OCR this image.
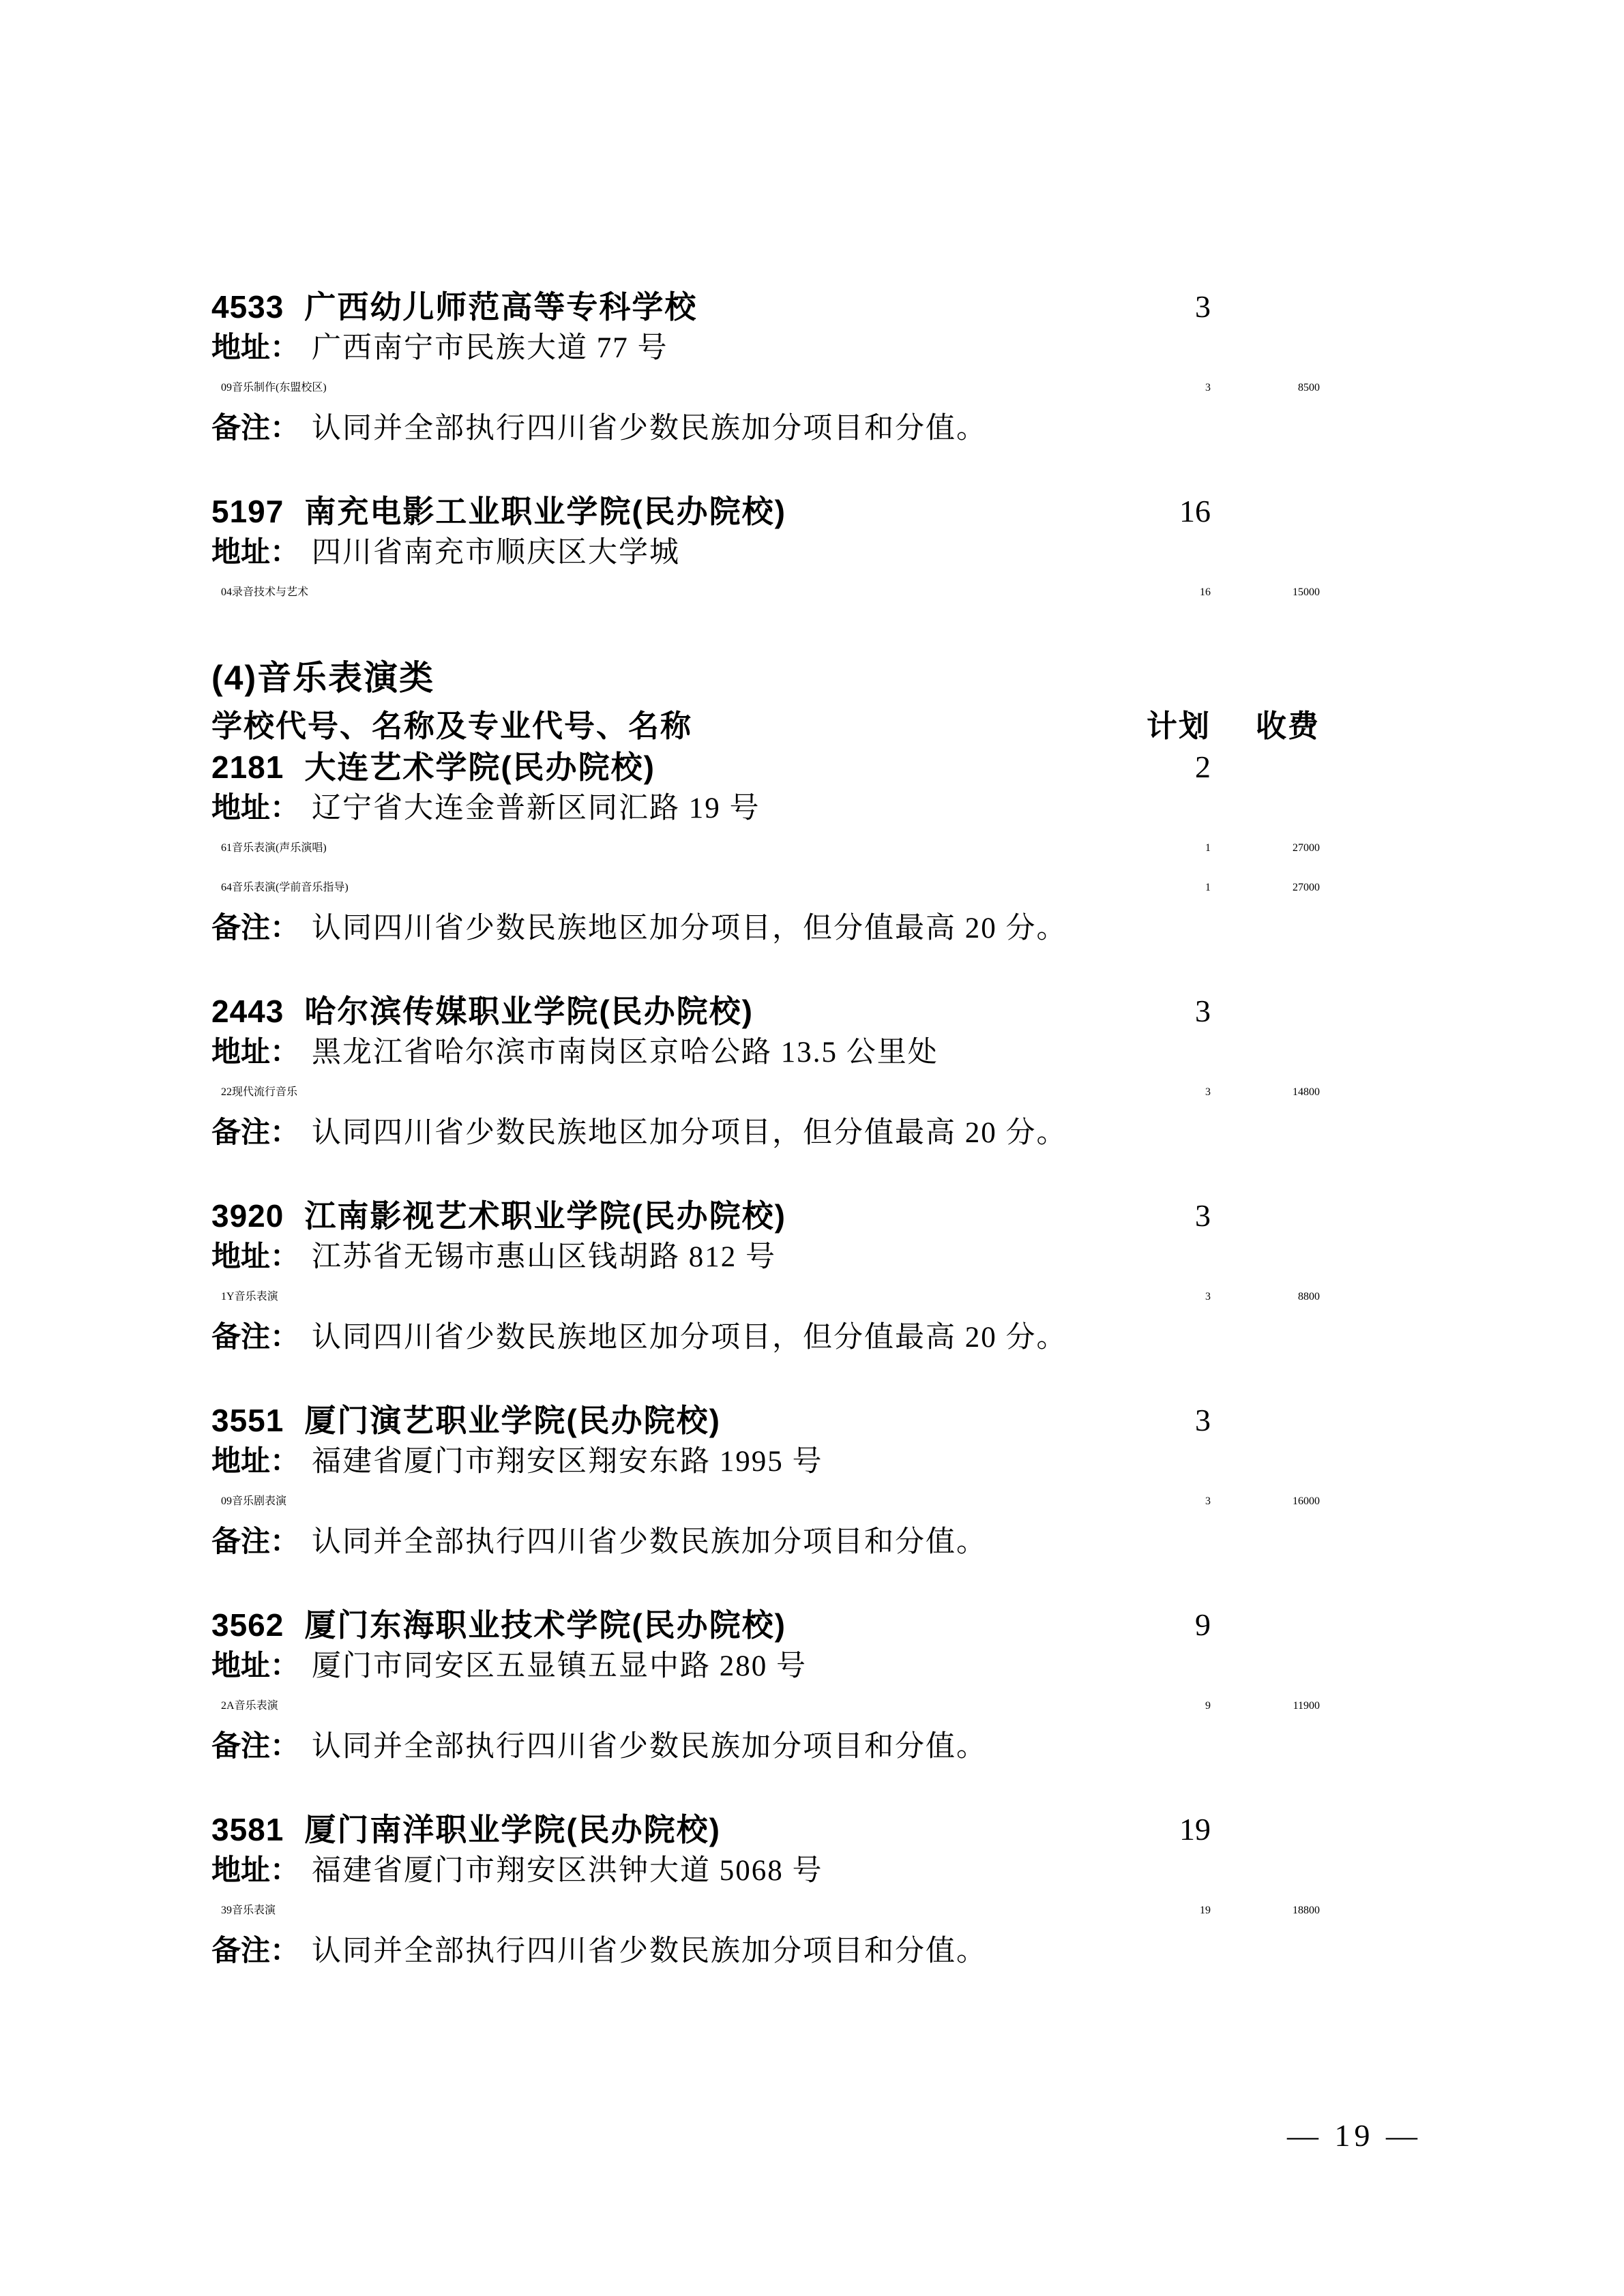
4533 广西幼儿师范高等专科学校	3
地址： 广西南宁市民族大道 77 号
09音乐制作(东盟校区)	3	8500
备注： 认同并全部执行四川省少数民族加分项目和分值。
5197 南充电影工业职业学院(民办院校)	16
地址： 四川省南充市顺庆区大学城
04录音技术与艺术	16	15000
(4)音乐表演类
学校代号、名称及专业代号、名称	计划	收费
2181 大连艺术学院(民办院校)	2
地址： 辽宁省大连金普新区同汇路 19 号
61音乐表演(声乐演唱)	1	27000
64音乐表演(学前音乐指导)	1	27000
备注： 认同四川省少数民族地区加分项目，但分值最高 20 分。
2443 哈尔滨传媒职业学院(民办院校)	3
地址： 黑龙江省哈尔滨市南岗区京哈公路 13.5 公里处
22现代流行音乐	3	14800
备注： 认同四川省少数民族地区加分项目，但分值最高 20 分。
3920 江南影视艺术职业学院(民办院校)	3
地址： 江苏省无锡市惠山区钱胡路 812 号
1Y音乐表演	3	8800
备注： 认同四川省少数民族地区加分项目，但分值最高 20 分。
3551 厦门演艺职业学院(民办院校)	3
地址： 福建省厦门市翔安区翔安东路 1995 号
09音乐剧表演	3	16000
备注： 认同并全部执行四川省少数民族加分项目和分值。
3562 厦门东海职业技术学院(民办院校)	9
地址： 厦门市同安区五显镇五显中路 280 号
2A音乐表演	9	11900
备注： 认同并全部执行四川省少数民族加分项目和分值。
3581 厦门南洋职业学院(民办院校)	19
地址： 福建省厦门市翔安区洪钟大道 5068 号
39音乐表演	19	18800
备注： 认同并全部执行四川省少数民族加分项目和分值。
— 19 —
